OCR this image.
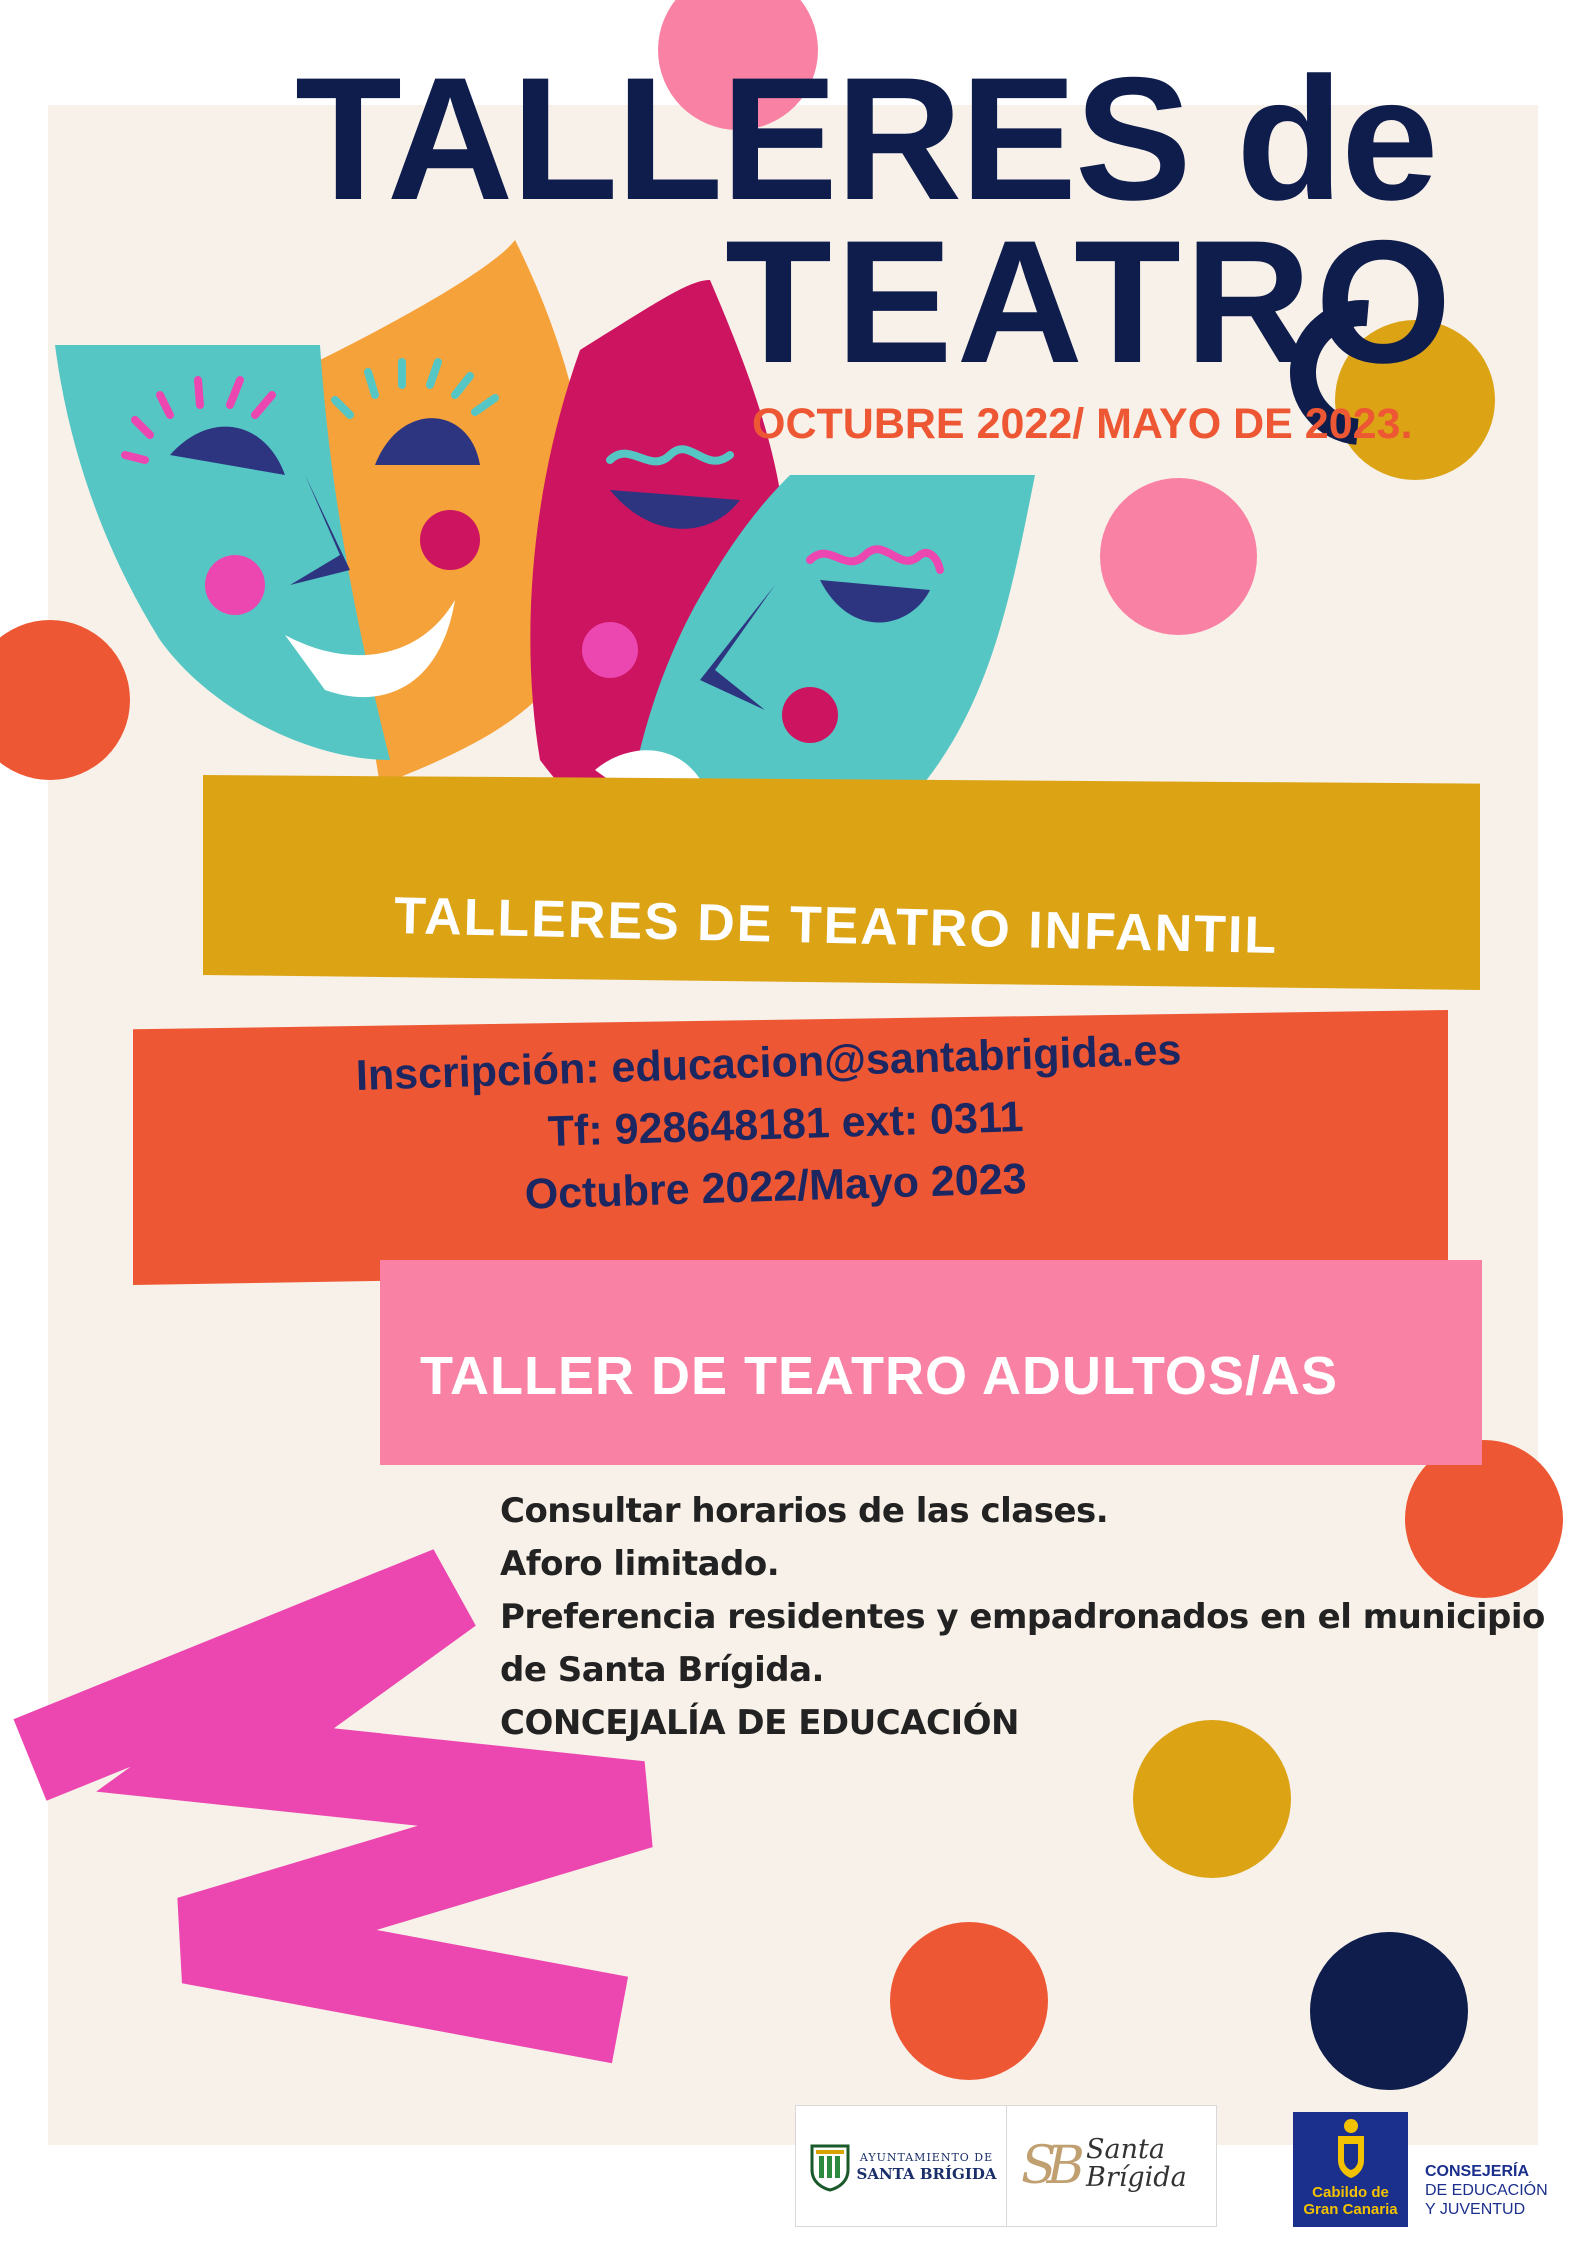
TALLERES de
TEATRO
OCTUBRE 2022/ MAYO DE 2023.
TALLERES DE TEATRO INFANTIL
Inscripción: educacion@santabrigida.es
Tf: 928648181 ext: 0311
Octubre 2022/Mayo 2023
TALLER DE TEATRO ADULTOS/AS
Consultar horarios de las clases.
Aforo limitado.
Preferencia residentes y empadronados en el municipio
de Santa Brígida.
CONCEJALÍA DE EDUCACIÓN
AYUNTAMIENTO DE
SANTA BRÍGIDA SB Santa
Brígida	Cabildo de
Gran Canaria
CONSEJERÍA
DE EDUCACIÓN
Y JUVENTUD
